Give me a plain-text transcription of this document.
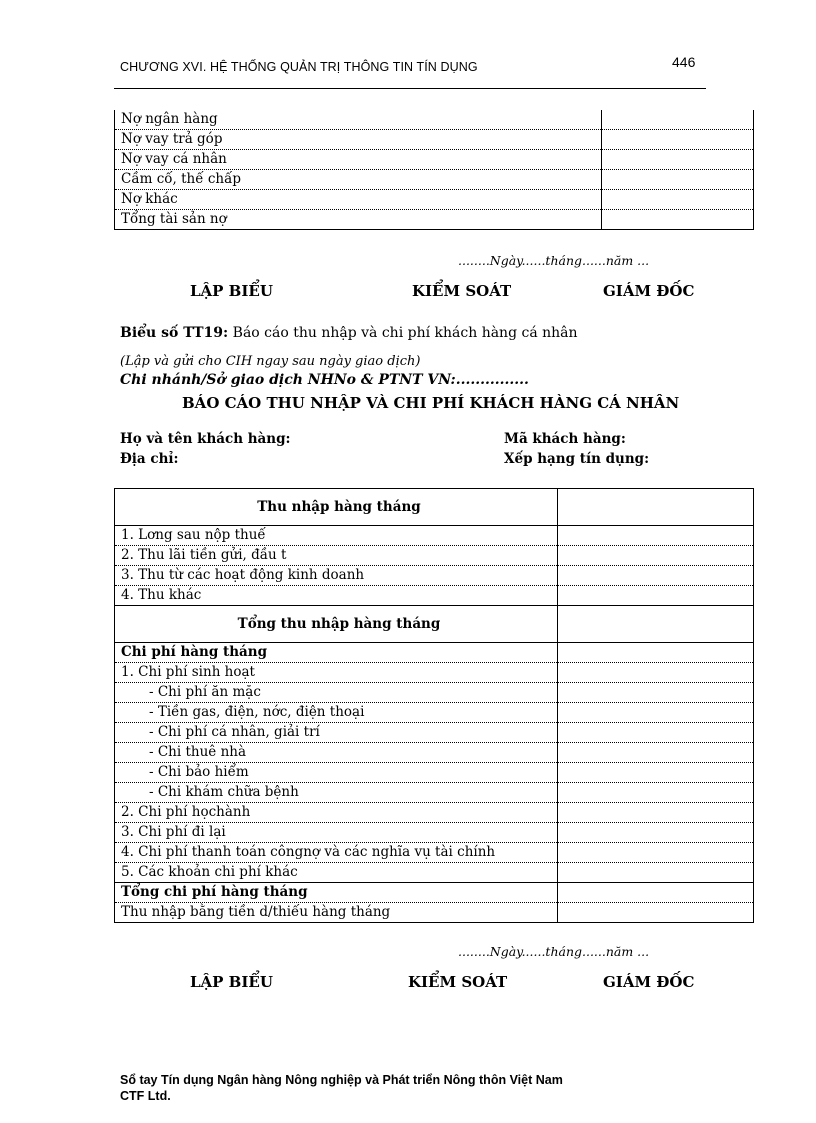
CHƯƠNG XVI. HỆ THỐNG QUẢN TRỊ THÔNG TIN TÍN DỤNG	446
Nợ ngân hàng	
Nợ vay trả góp	
Nợ vay cá nhân	
Cầm cố, thế chấp	
Nợ khác	
Tổng tài sản nợ	
........Ngày......tháng......năm ...
LẬP BIỂU	KIỂM SOÁT	GIÁM ĐỐC
Biểu số TT19: Báo cáo thu nhập và chi phí khách hàng cá nhân
(Lập và gửi cho CIH ngay sau ngày giao dịch)
Chi nhánh/Sở giao dịch NHNo & PTNT VN:...............
BÁO CÁO THU NHẬP VÀ CHI PHÍ KHÁCH HÀNG CÁ NHÂN
Họ và tên khách hàng:
Địa chỉ:
Mã khách hàng:
Xếp hạng tín dụng:
Thu nhập hàng tháng	
1. Lơng sau nộp thuế	
2. Thu lãi tiền gửi, đầu t	
3. Thu từ các hoạt động kinh doanh	
4. Thu khác	
Tổng thu nhập hàng tháng	
Chi phí hàng tháng	
1. Chi phí sinh hoạt	
- Chi phí ăn mặc	
- Tiền gas, điện, nớc, điện thoại	
- Chi phí cá nhân, giải trí	
- Chi thuê nhà	
- Chi bảo hiểm	
- Chi khám chữa bệnh	
2. Chi phí họchành	
3. Chi phí đi lại	
4. Chi phí thanh toán côngnợ và các nghĩa vụ tài chính	
5. Các khoản chi phí khác	
Tổng chi phí hàng tháng	
Thu nhập bằng tiền d/thiếu hàng tháng	
........Ngày......tháng......năm ...
LẬP BIỂU	KIỂM SOÁT	GIÁM ĐỐC
Sổ tay Tín dụng Ngân hàng Nông nghiệp và Phát triển Nông thôn Việt Nam
CTF Ltd.
